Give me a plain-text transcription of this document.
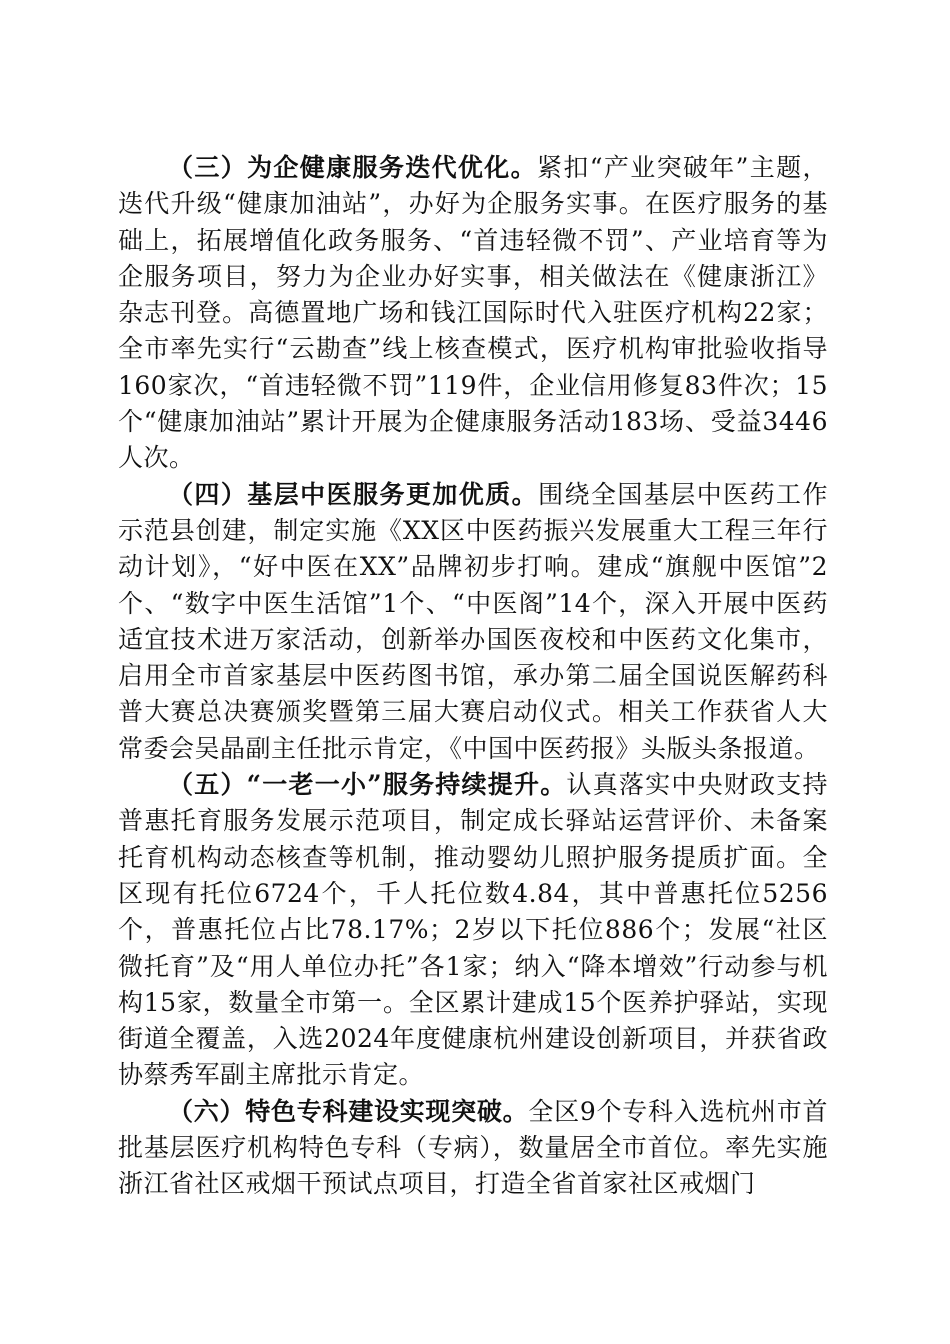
（三）为企健康服务迭代优化。紧扣“产业突破年”主题，迭代升级“健康加油站”，办好为企服务实事。在医疗服务的基础上，拓展增值化政务服务、“首违轻微不罚”、产业培育等为企服务项目，努力为企业办好实事，相关做法在《健康浙江》杂志刊登。高德置地广场和钱江国际时代入驻医疗机构22家；全市率先实行“云勘查”线上核查模式，医疗机构审批验收指导160家次，“首违轻微不罚”119件，企业信用修复83件次；15个“健康加油站”累计开展为企健康服务活动183场、受益3446人次。

（四）基层中医服务更加优质。围绕全国基层中医药工作示范县创建，制定实施《XX区中医药振兴发展重大工程三年行动计划》，“好中医在XX”品牌初步打响。建成“旗舰中医馆”2个、“数字中医生活馆”1个、“中医阁”14个，深入开展中医药适宜技术进万家活动，创新举办国医夜校和中医药文化集市，启用全市首家基层中医药图书馆，承办第二届全国说医解药科普大赛总决赛颁奖暨第三届大赛启动仪式。相关工作获省人大常委会吴晶副主任批示肯定，《中国中医药报》头版头条报道。

（五）“一老一小”服务持续提升。认真落实中央财政支持普惠托育服务发展示范项目，制定成长驿站运营评价、未备案托育机构动态核查等机制，推动婴幼儿照护服务提质扩面。全区现有托位6724个，千人托位数4.84，其中普惠托位5256个，普惠托位占比78.17%；2岁以下托位886个；发展“社区微托育”及“用人单位办托”各1家；纳入“降本增效”行动参与机构15家，数量全市第一。全区累计建成15个医养护驿站，实现街道全覆盖，入选2024年度健康杭州建设创新项目，并获省政协蔡秀军副主席批示肯定。

（六）特色专科建设实现突破。全区9个专科入选杭州市首批基层医疗机构特色专科（专病），数量居全市首位。率先实施浙江省社区戒烟干预试点项目，打造全省首家社区戒烟门
